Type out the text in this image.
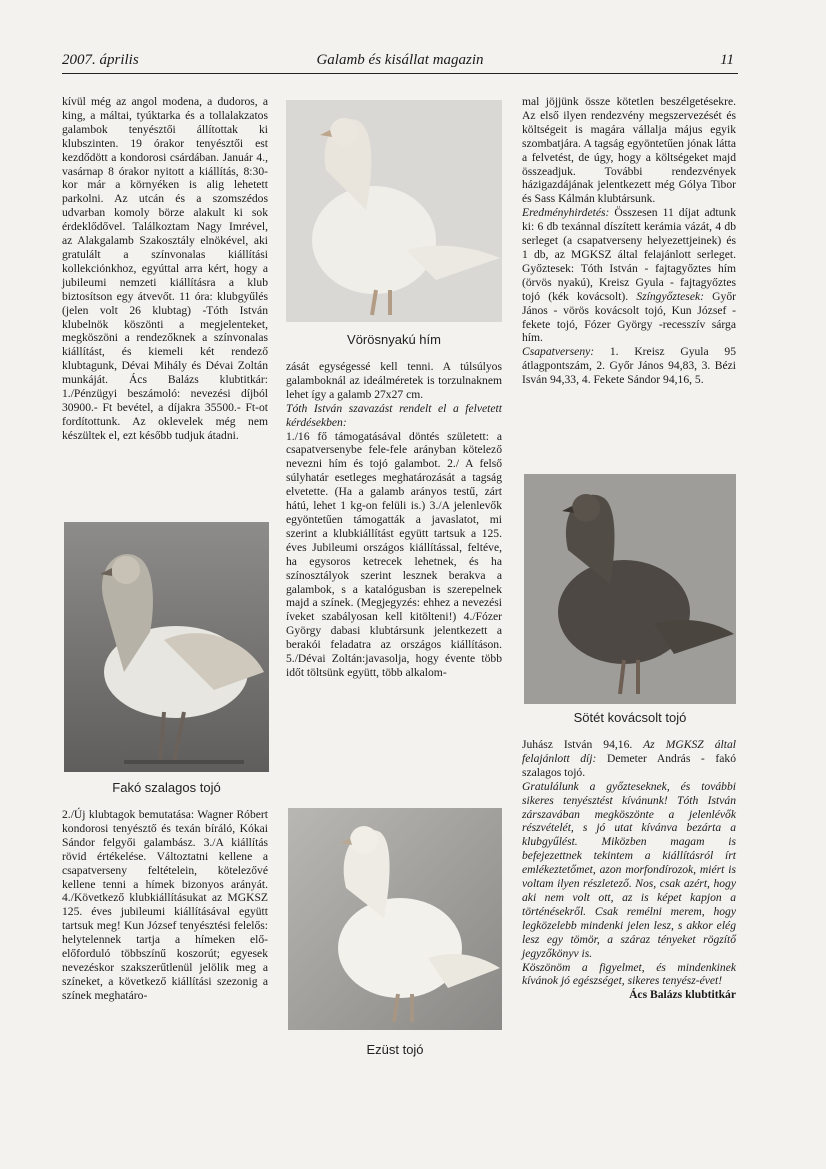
2007. április	Galamb és kisállat magazin	11

kívül még az angol modena, a dudoros, a king, a máltai, tyúktarka és a tollalakzatos galambok tenyésztői állítottak ki klubszinten. 19 órakor tenyésztői est kezdődött a kondorosi csárdában. Január 4., vasárnap 8 órakor nyitott a kiállítás, 8:30-kor már a környéken is alig lehetett parkolni. Az utcán és a szomszédos udvarban komoly börze alakult ki sok érdeklődővel. Találkoztam Nagy Imrével, az Alakgalamb Szakosztály elnökével, aki gratulált a színvonalas kiállítási kollekciónkhoz, egyúttal arra kért, hogy a jubileumi nemzeti kiállításra a klub biztosítson egy átvevőt. 11 óra: klubgyűlés (jelen volt 26 klubtag) -Tóth István klubelnök köszönti a megjelenteket, megköszöni a rendezőknek a színvonalas kiállítást, és kiemeli két rendező klubtagunk, Dévai Mihály és Dévai Zoltán munkáját. Ács Balázs klubtitkár: 1./Pénzügyi beszámoló: nevezési díjból 30900.- Ft bevétel, a díjakra 35500.- Ft-ot fordítottunk. Az oklevelek még nem készültek el, ezt később tudjuk átadni.

Fakó szalagos tojó

2./Új klubtagok bemutatása: Wagner Róbert kondorosi tenyésztő és texán bíráló, Kókai Sándor felgyői galambász. 3./A kiállítás rövid értékelése. Változtatni kellene a csapatverseny feltételein, kötelezővé kellene tenni a hímek bizonyos arányát. 4./Következő klubkiállításukat az MGKSZ 125. éves jubileumi kiállításával együtt tartsuk meg! Kun József tenyésztési felelős: helytelennek tartja a hímeken elő-előforduló többszínű koszorút; egyesek nevezéskor szakszerűtlenül jelölik meg a színeket, a következő kiállítási szezonig a színek meghatáro-

Vörösnyakú hím

zását egységessé kell tenni. A túlsúlyos galamboknál az ideálméretek is torzulnaknem lehet így a galamb 27x27 cm.

Tóth István szavazást rendelt el a felvetett kérdésekben:

1./16 fő támogatásával döntés született: a csapatversenybe fele-fele arányban kötelező nevezni hím és tojó galambot. 2./ A felső súlyhatár esetleges meghatározását a tagság elvetette. (Ha a galamb arányos testű, zárt hátú, lehet 1 kg-on felüli is.) 3./A jelenlevők egyöntetűen támogatták a javaslatot, mi szerint a klubkiállítást együtt tartsuk a 125. éves Jubileumi országos kiállítással, feltéve, ha egysoros ketrecek lehetnek, és ha színosztályok szerint lesznek berakva a galambok, s a katalógusban is szerepelnek majd a színek. (Megjegyzés: ehhez a nevezési íveket szabályosan kell kitölteni!) 4./Fózer György dabasi klubtársunk jelentkezett a berakói feladatra az országos kiállításon. 5./Dévai Zoltán:javasolja, hogy évente több időt töltsünk együtt, több alkalom-

Ezüst tojó

mal jöjjünk össze kötetlen beszélgetésekre. Az első ilyen rendezvény megszervezését és költségeit is magára vállalja május egyik szombatjára. A tagság egyöntetűen jónak látta a felvetést, de úgy, hogy a költségeket majd összeadjuk. További rendezvények házigazdájának jelentkezett még Gólya Tibor és Sass Kálmán klubtársunk.

Eredményhirdetés: Összesen 11 díjat adtunk ki: 6 db texánnal díszített kerámia vázát, 4 db serleget (a csapatverseny helyezettjeinek) és 1 db, az MGKSZ által felajánlott serleget. Győztesek: Tóth István - fajtagyőztes hím (örvös nyakú), Kreisz Gyula - fajtagyőztes tojó (kék kovácsolt). Színgyőztesek: Győr János - vörös kovácsolt tojó, Kun József - fekete tojó, Fózer György -recesszív sárga hím.

Csapatverseny: 1. Kreisz Gyula 95 átlagpontszám, 2. Győr János 94,83, 3. Bézi Isván 94,33, 4. Fekete Sándor 94,16, 5.

Sötét kovácsolt tojó

Juhász István 94,16. Az MGKSZ által felajánlott díj: Demeter András - fakó szalagos tojó.

Gratulálunk a győzteseknek, és további sikeres tenyésztést kívánunk! Tóth István zárszavában megköszönte a jelenlévők részvételét, s jó utat kívánva bezárta a klubgyűlést. Miközben magam is befejezettnek tekintem a kiállításról írt emlékeztetőmet, azon morfondírozok, miért is voltam ilyen részletező. Nos, csak azért, hogy aki nem volt ott, az is képet kapjon a történésekről. Csak remélni merem, hogy legközelebb mindenki jelen lesz, s akkor elég lesz egy tömör, a száraz tényeket rögzítő jegyzőkönyv is.

Köszönöm a figyelmet, és mindenkinek kívánok jó egészséget, sikeres tenyész-évet!
Ács Balázs klubtitkár
